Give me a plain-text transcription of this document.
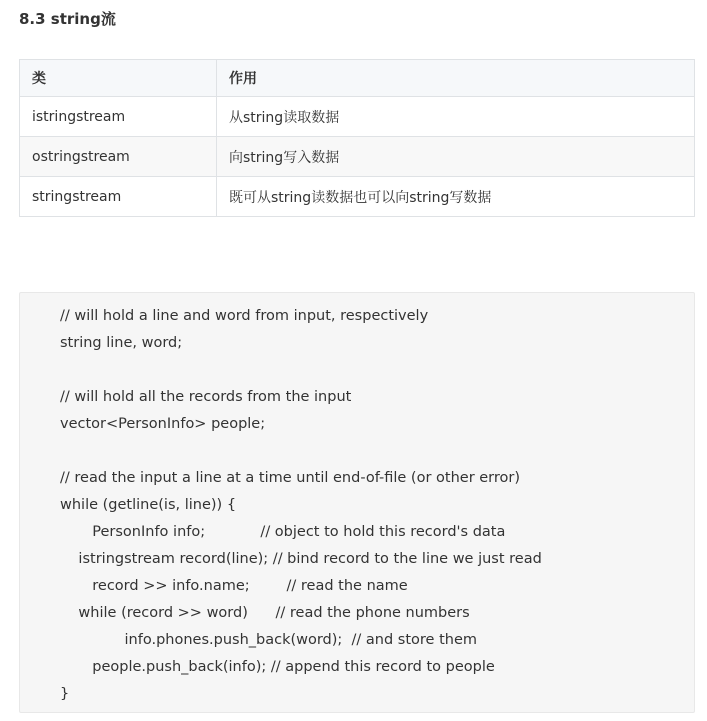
8.3 string流
类	作用
istringstream	从string读取数据
ostringstream	向string写入数据
stringstream	既可从string读数据也可以向string写数据
// will hold a line and word from input, respectively
string line, word;
// will hold all the records from the input
vector<PersonInfo> people;
// read the input a line at a time until end-of-file (or other error)
while (getline(is, line)) {
PersonInfo info;            // object to hold this record's data
istringstream record(line); // bind record to the line we just read
record >> info.name;        // read the name
while (record >> word)      // read the phone numbers
info.phones.push_back(word);  // and store them
people.push_back(info); // append this record to people
}
